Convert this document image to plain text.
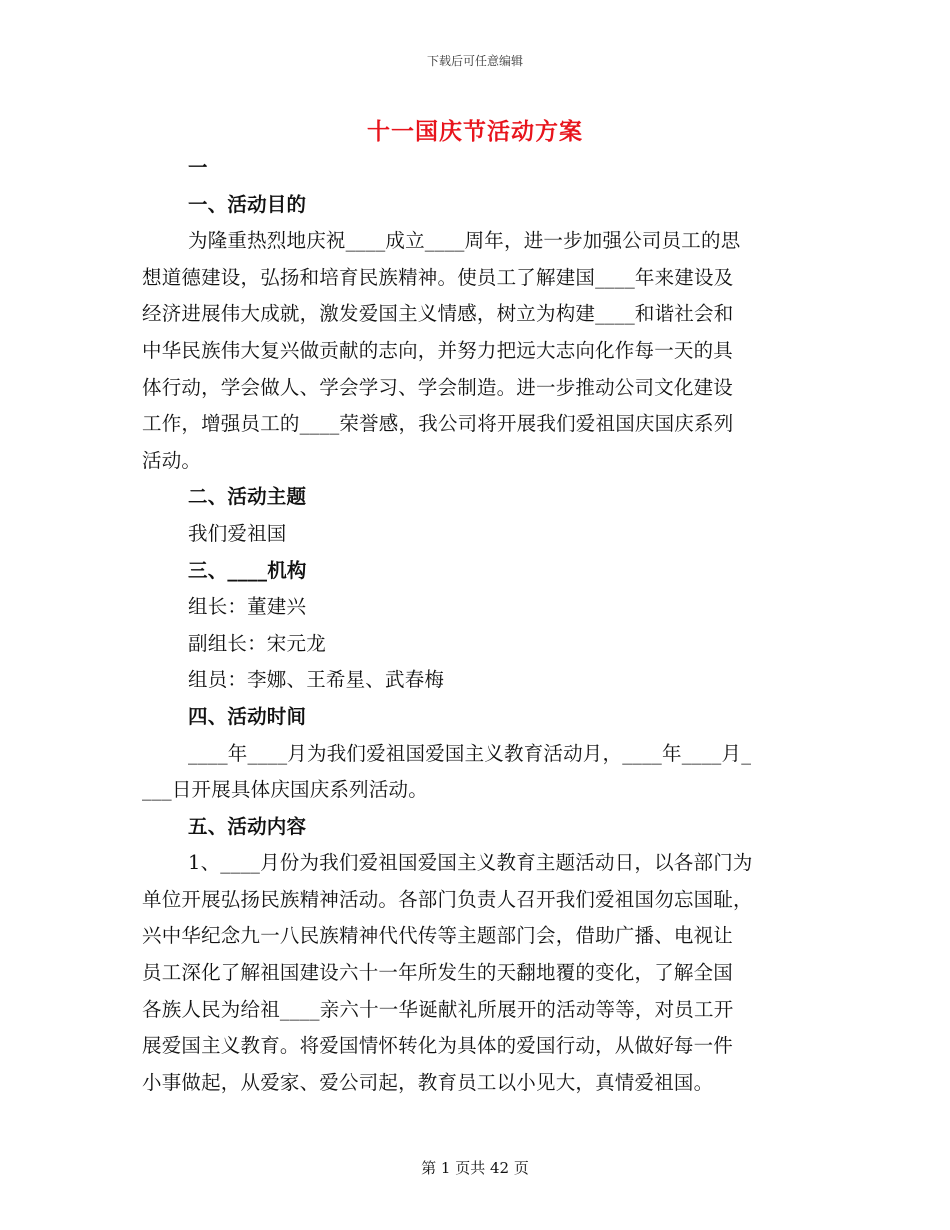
下载后可任意编辑
十一国庆节活动方案
一
一、活动目的
为隆重热烈地庆祝____成立____周年，进一步加强公司员工的思
想道德建设，弘扬和培育民族精神。使员工了解建国____年来建设及
经济进展伟大成就，激发爱国主义情感，树立为构建____和谐社会和
中华民族伟大复兴做贡献的志向，并努力把远大志向化作每一天的具
体行动，学会做人、学会学习、学会制造。进一步推动公司文化建设
工作，增强员工的____荣誉感，我公司将开展我们爱祖国庆国庆系列
活动。
二、活动主题
我们爱祖国
三、____机构
组长：董建兴
副组长：宋元龙
组员：李娜、王希星、武春梅
四、活动时间
____年____月为我们爱祖国爱国主义教育活动月，____年____月_
___日开展具体庆国庆系列活动。
五、活动内容
1、____月份为我们爱祖国爱国主义教育主题活动日，以各部门为
单位开展弘扬民族精神活动。各部门负责人召开我们爱祖国勿忘国耻，
兴中华纪念九一八民族精神代代传等主题部门会，借助广播、电视让
员工深化了解祖国建设六十一年所发生的天翻地覆的变化，了解全国
各族人民为给祖____亲六十一华诞献礼所展开的活动等等，对员工开
展爱国主义教育。将爱国情怀转化为具体的爱国行动，从做好每一件
小事做起，从爱家、爱公司起，教育员工以小见大，真情爱祖国。
第 1 页共 42 页
